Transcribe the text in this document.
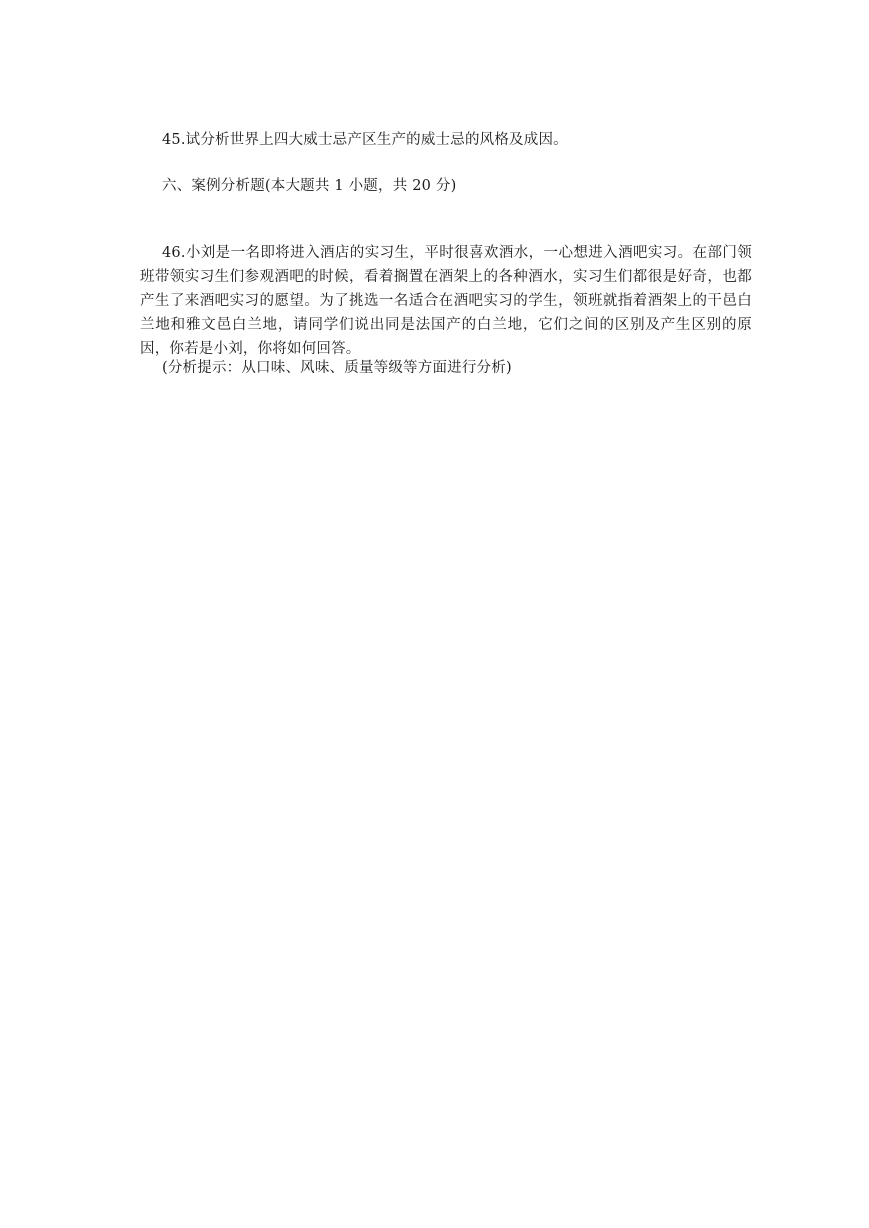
45.试分析世界上四大威士忌产区生产的威士忌的风格及成因。

六、案例分析题(本大题共 1 小题，共 20 分)

46.小刘是一名即将进入酒店的实习生，平时很喜欢酒水，一心想进入酒吧实习。在部门领班带领实习生们参观酒吧的时候，看着搁置在酒架上的各种酒水，实习生们都很是好奇，也都产生了来酒吧实习的愿望。为了挑选一名适合在酒吧实习的学生，领班就指着酒架上的干邑白兰地和雅文邑白兰地，请同学们说出同是法国产的白兰地，它们之间的区别及产生区别的原因，你若是小刘，你将如何回答。

(分析提示：从口味、风味、质量等级等方面进行分析)
